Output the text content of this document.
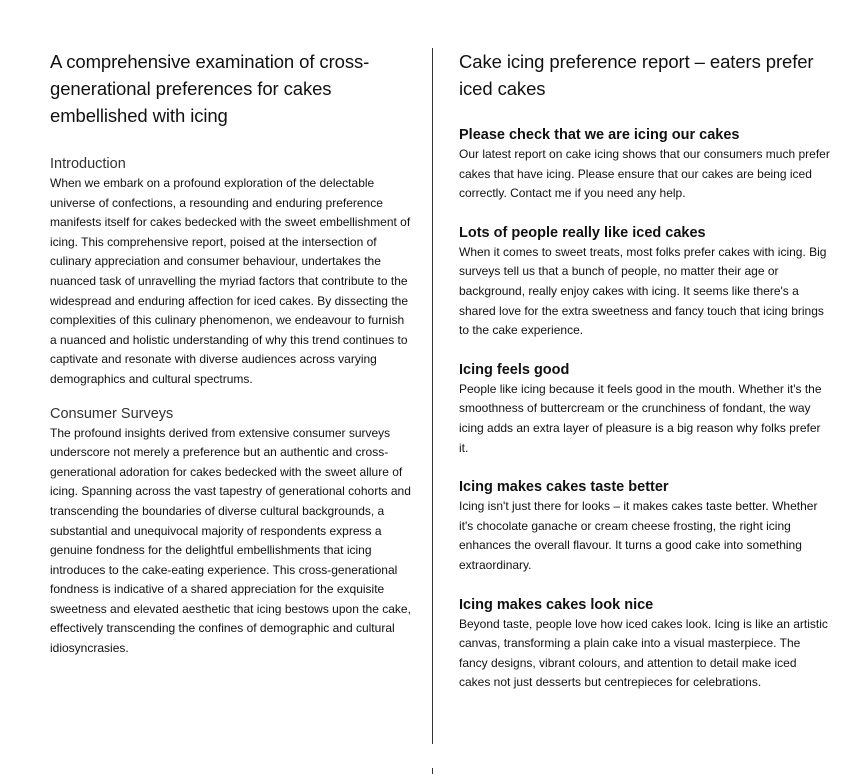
A comprehensive examination of cross-generational preferences for cakes embellished with icing
Introduction

When we embark on a profound exploration of the delectable universe of confections, a resounding and enduring preference manifests itself for cakes bedecked with the sweet embellishment of icing. This comprehensive report, poised at the intersection of culinary appreciation and consumer behaviour, undertakes the nuanced task of unravelling the myriad factors that contribute to the widespread and enduring affection for iced cakes. By dissecting the complexities of this culinary phenomenon, we endeavour to furnish a nuanced and holistic understanding of why this trend continues to captivate and resonate with diverse audiences across varying demographics and cultural spectrums.

Consumer Surveys

The profound insights derived from extensive consumer surveys underscore not merely a preference but an authentic and cross-generational adoration for cakes bedecked with the sweet allure of icing. Spanning across the vast tapestry of generational cohorts and transcending the boundaries of diverse cultural backgrounds, a substantial and unequivocal majority of respondents express a genuine fondness for the delightful embellishments that icing introduces to the cake-eating experience. This cross-generational fondness is indicative of a shared appreciation for the exquisite sweetness and elevated aesthetic that icing bestows upon the cake, effectively transcending the confines of demographic and cultural idiosyncrasies.

Cake icing preference report – eaters prefer iced cakes
Please check that we are icing our cakes

Our latest report on cake icing shows that our consumers much prefer cakes that have icing. Please ensure that our cakes are being iced correctly. Contact me if you need any help.

Lots of people really like iced cakes

When it comes to sweet treats, most folks prefer cakes with icing. Big surveys tell us that a bunch of people, no matter their age or background, really enjoy cakes with icing. It seems like there's a shared love for the extra sweetness and fancy touch that icing brings to the cake experience.

Icing feels good

People like icing because it feels good in the mouth. Whether it's the smoothness of buttercream or the crunchiness of fondant, the way icing adds an extra layer of pleasure is a big reason why folks prefer it.

Icing makes cakes taste better

Icing isn't just there for looks – it makes cakes taste better. Whether it's chocolate ganache or cream cheese frosting, the right icing enhances the overall flavour. It turns a good cake into something extraordinary.

Icing makes cakes look nice

Beyond taste, people love how iced cakes look. Icing is like an artistic canvas, transforming a plain cake into a visual masterpiece. The fancy designs, vibrant colours, and attention to detail make iced cakes not just desserts but centrepieces for celebrations.
